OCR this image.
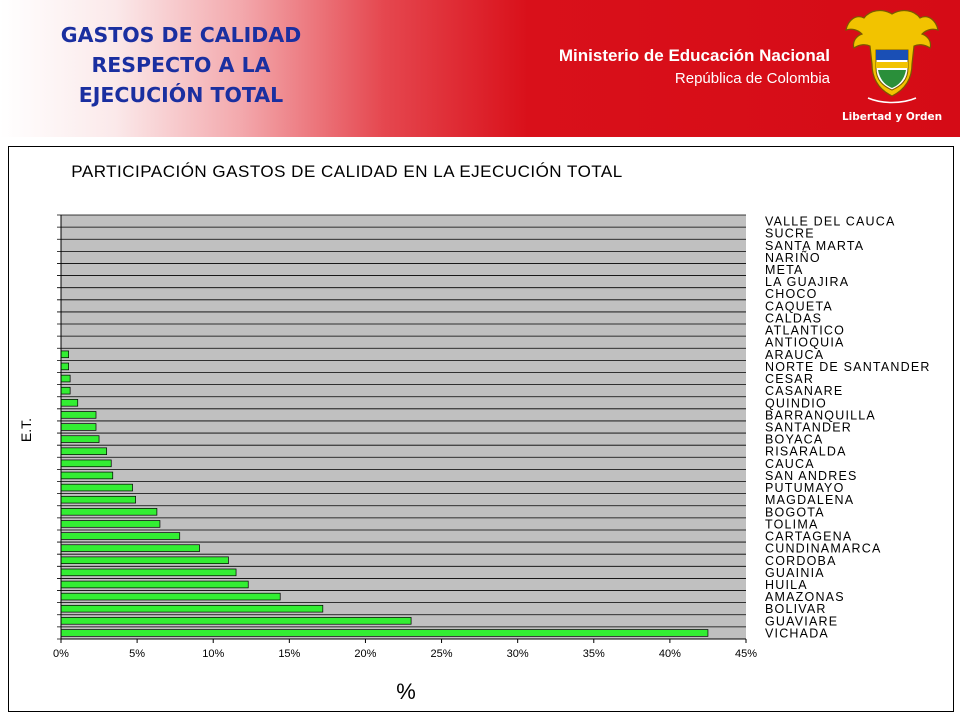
GASTOS DE CALIDAD
RESPECTO A LA
EJECUCIÓN TOTAL
Ministerio de Educación Nacional
República de Colombia
Libertad y Orden
PARTICIPACIÓN GASTOS DE CALIDAD EN LA EJECUCIÓN TOTAL
VALLE DEL CAUCA
SUCRE
SANTA MARTA
NARIÑO
META
LA GUAJIRA
CHOCO
CAQUETA
CALDAS
ATLANTICO
ANTIOQUIA
ARAUCA
NORTE DE SANTANDER
CESAR
CASANARE
QUINDIO
BARRANQUILLA
SANTANDER
BOYACA
RISARALDA
CAUCA
SAN ANDRES
PUTUMAYO
MAGDALENA
BOGOTA
TOLIMA
CARTAGENA
CUNDINAMARCA
CORDOBA
GUAINIA
HUILA
AMAZONAS
BOLIVAR
GUAVIARE
VICHADA
0%	5%	10%	15%	20%	25%	30%	35%	40%	45%
E.T.
%
